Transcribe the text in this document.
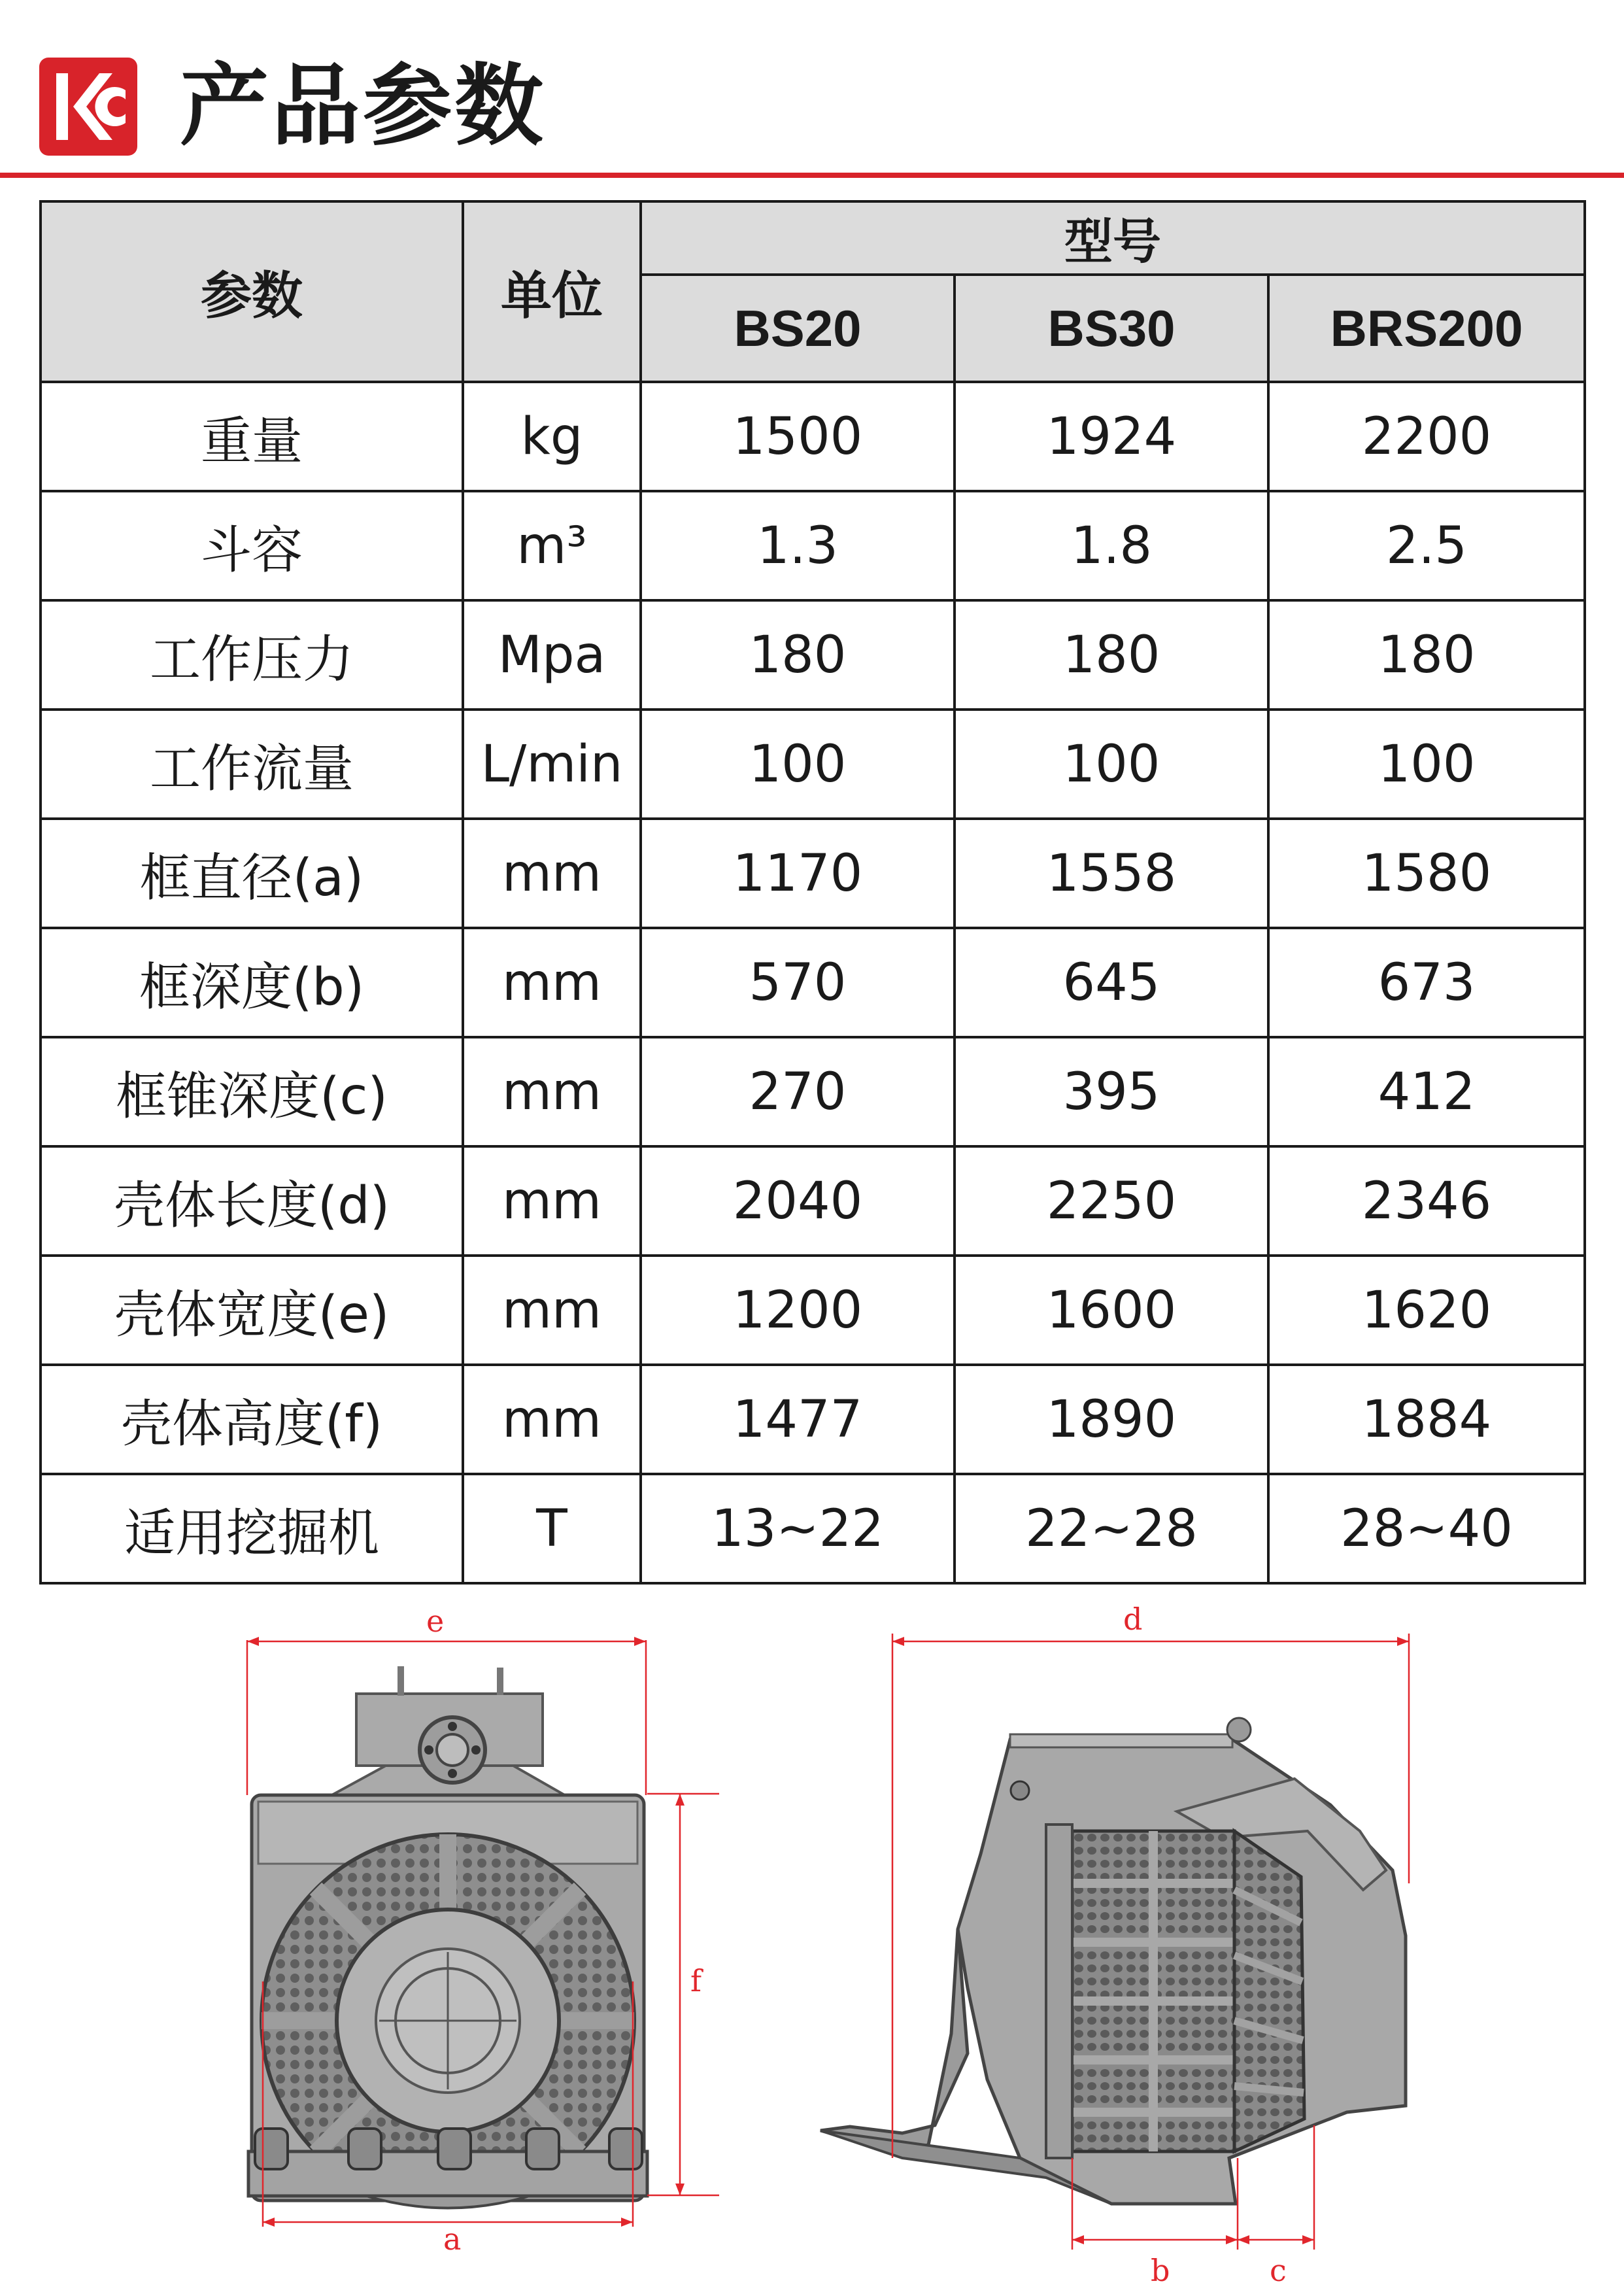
产品参数
参数	单位	型号		
		BS20	BS30	BRS200
重量	kg	1500	1924	2200
斗容	m³	1.3	1.8	2.5
工作压力	Mpa	180	180	180
工作流量	L/min	100	100	100
框直径(a)	mm	1170	1558	1580
框深度(b)	mm	570	645	673
框锥深度(c)	mm	270	395	412
壳体长度(d)	mm	2040	2250	2346
壳体宽度(e)	mm	1200	1600	1620
壳体高度(f)	mm	1477	1890	1884
适用挖掘机	T	13~22	22~28	28~40
e
f
a
d
b	c
